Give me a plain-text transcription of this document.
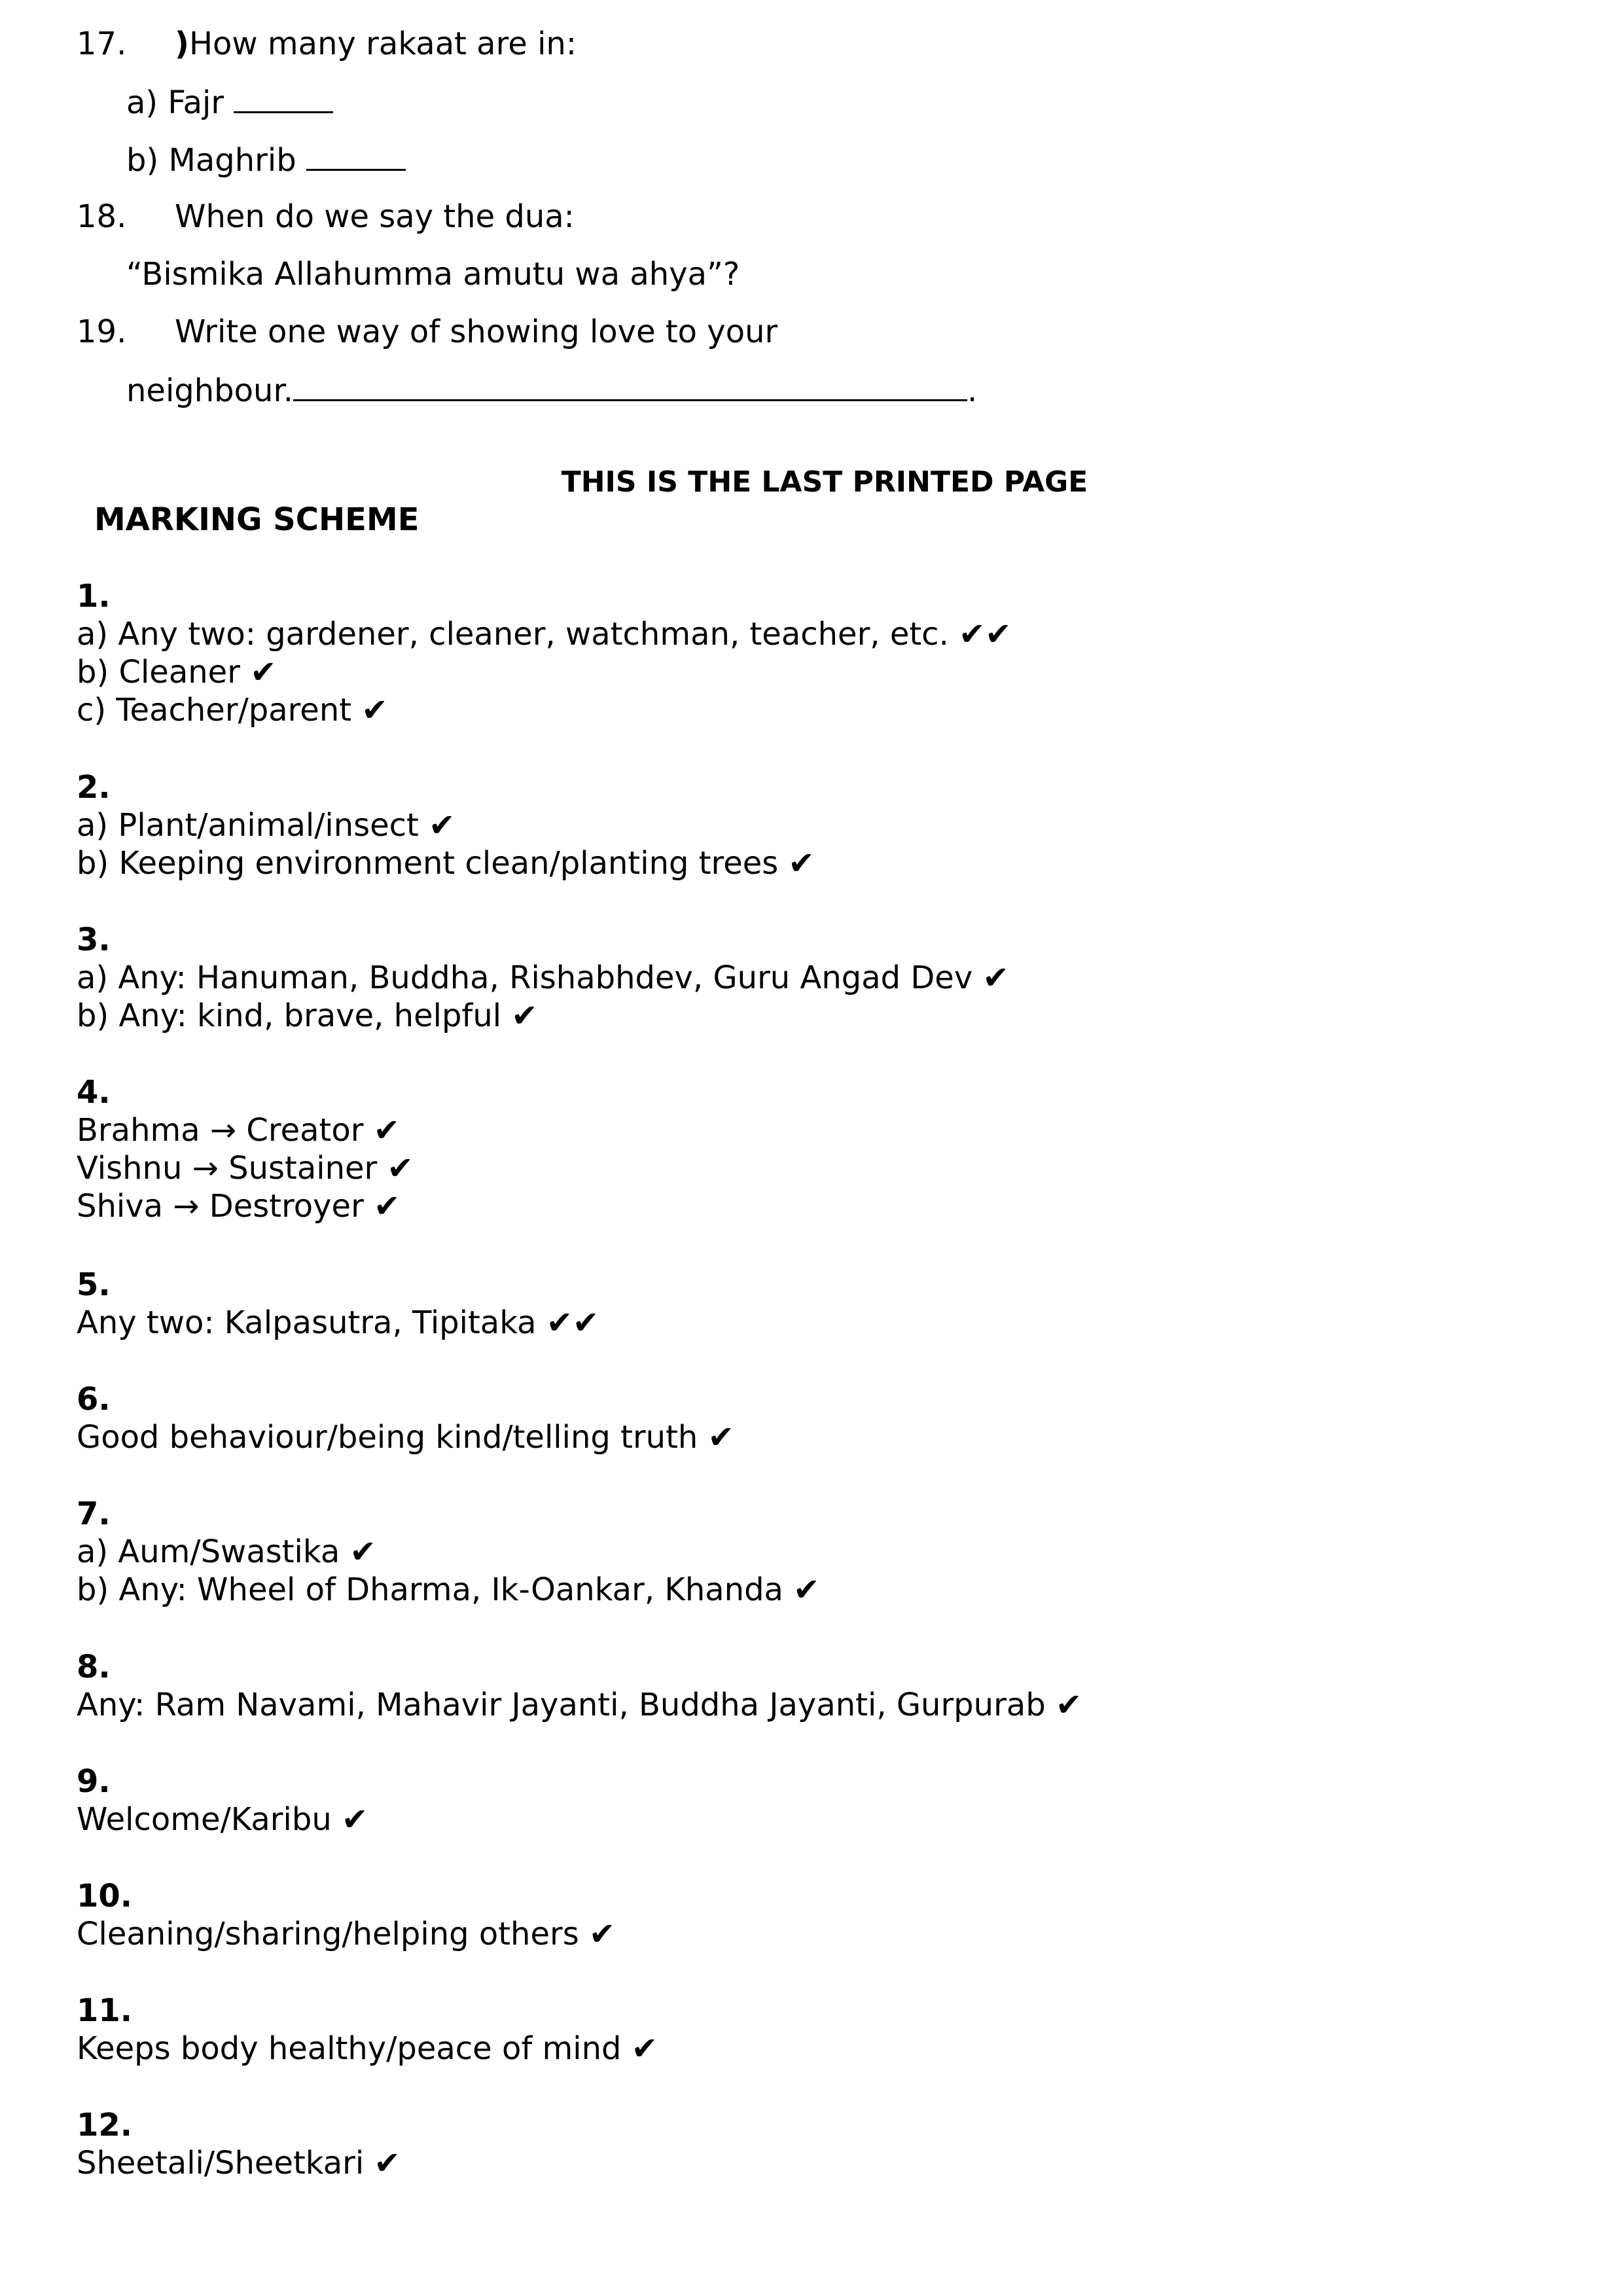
17. )How many rakaat are in:
a) Fajr
b) Maghrib
18. When do we say the dua:
“Bismika Allahumma amutu wa ahya”?
19. Write one way of showing love to your
neighbour.	.
THIS IS THE LAST PRINTED PAGE
MARKING SCHEME
1.
a) Any two: gardener, cleaner, watchman, teacher, etc. ✔✔
b) Cleaner ✔
c) Teacher/parent ✔
2.
a) Plant/animal/insect ✔
b) Keeping environment clean/planting trees ✔
3.
a) Any: Hanuman, Buddha, Rishabhdev, Guru Angad Dev ✔
b) Any: kind, brave, helpful ✔
4.
Brahma → Creator ✔
Vishnu → Sustainer ✔
Shiva → Destroyer ✔
5.
Any two: Kalpasutra, Tipitaka ✔✔
6.
Good behaviour/being kind/telling truth ✔
7.
a) Aum/Swastika ✔
b) Any: Wheel of Dharma, Ik-Oankar, Khanda ✔
8.
Any: Ram Navami, Mahavir Jayanti, Buddha Jayanti, Gurpurab ✔
9.
Welcome/Karibu ✔
10.
Cleaning/sharing/helping others ✔
11.
Keeps body healthy/peace of mind ✔
12.
Sheetali/Sheetkari ✔
